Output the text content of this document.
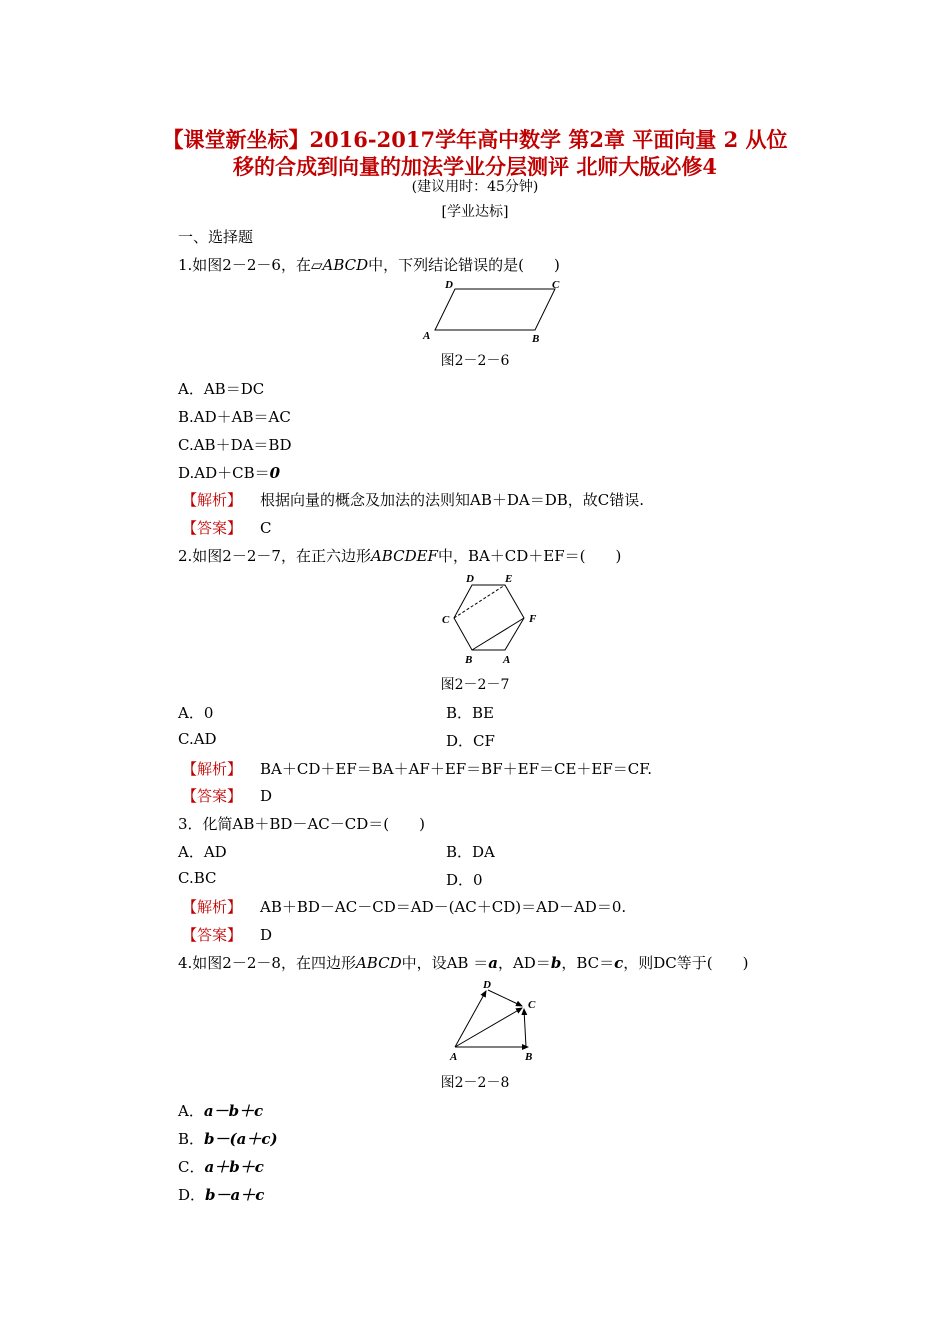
【课堂新坐标】2016-2017学年高中数学 第2章 平面向量 2 从位
移的合成到向量的加法学业分层测评 北师大版必修4
(建议用时：45分钟)
[学业达标]
一、选择题
1.如图2－2－6，在▱ABCD中，下列结论错误的是(　　)
A	B
C
D
图2－2－6
A．AB＝DC
B.AD＋AB＝AC
C.AB＋DA＝BD
D.AD＋CB＝0
【解析】 根据向量的概念及加法的法则知AB＋DA＝DB，故C错误.
【答案】 C
2.如图2－2－7，在正六边形ABCDEF中，BA＋CD＋EF＝(　　)
A
B
C
D	E
F
图2－2－7
A．0	B．BE
C.AD	D．CF
【解析】 BA＋CD＋EF＝BA＋AF＋EF＝BF＋EF＝CE＋EF＝CF.
【答案】 D
3．化简AB＋BD－AC－CD＝(　　)
A．AD	B．DA
C.BC	D．0
【解析】 AB＋BD－AC－CD＝AD－(AC＋CD)＝AD－AD＝0.
【答案】 D
4.如图2－2－8，在四边形ABCD中，设AB ＝a，AD＝b，BC＝c，则DC等于(　　)
A	B
C
D
图2－2－8
A．a－b＋c
B．b－(a＋c)
C．a＋b＋c
D．b－a＋c
